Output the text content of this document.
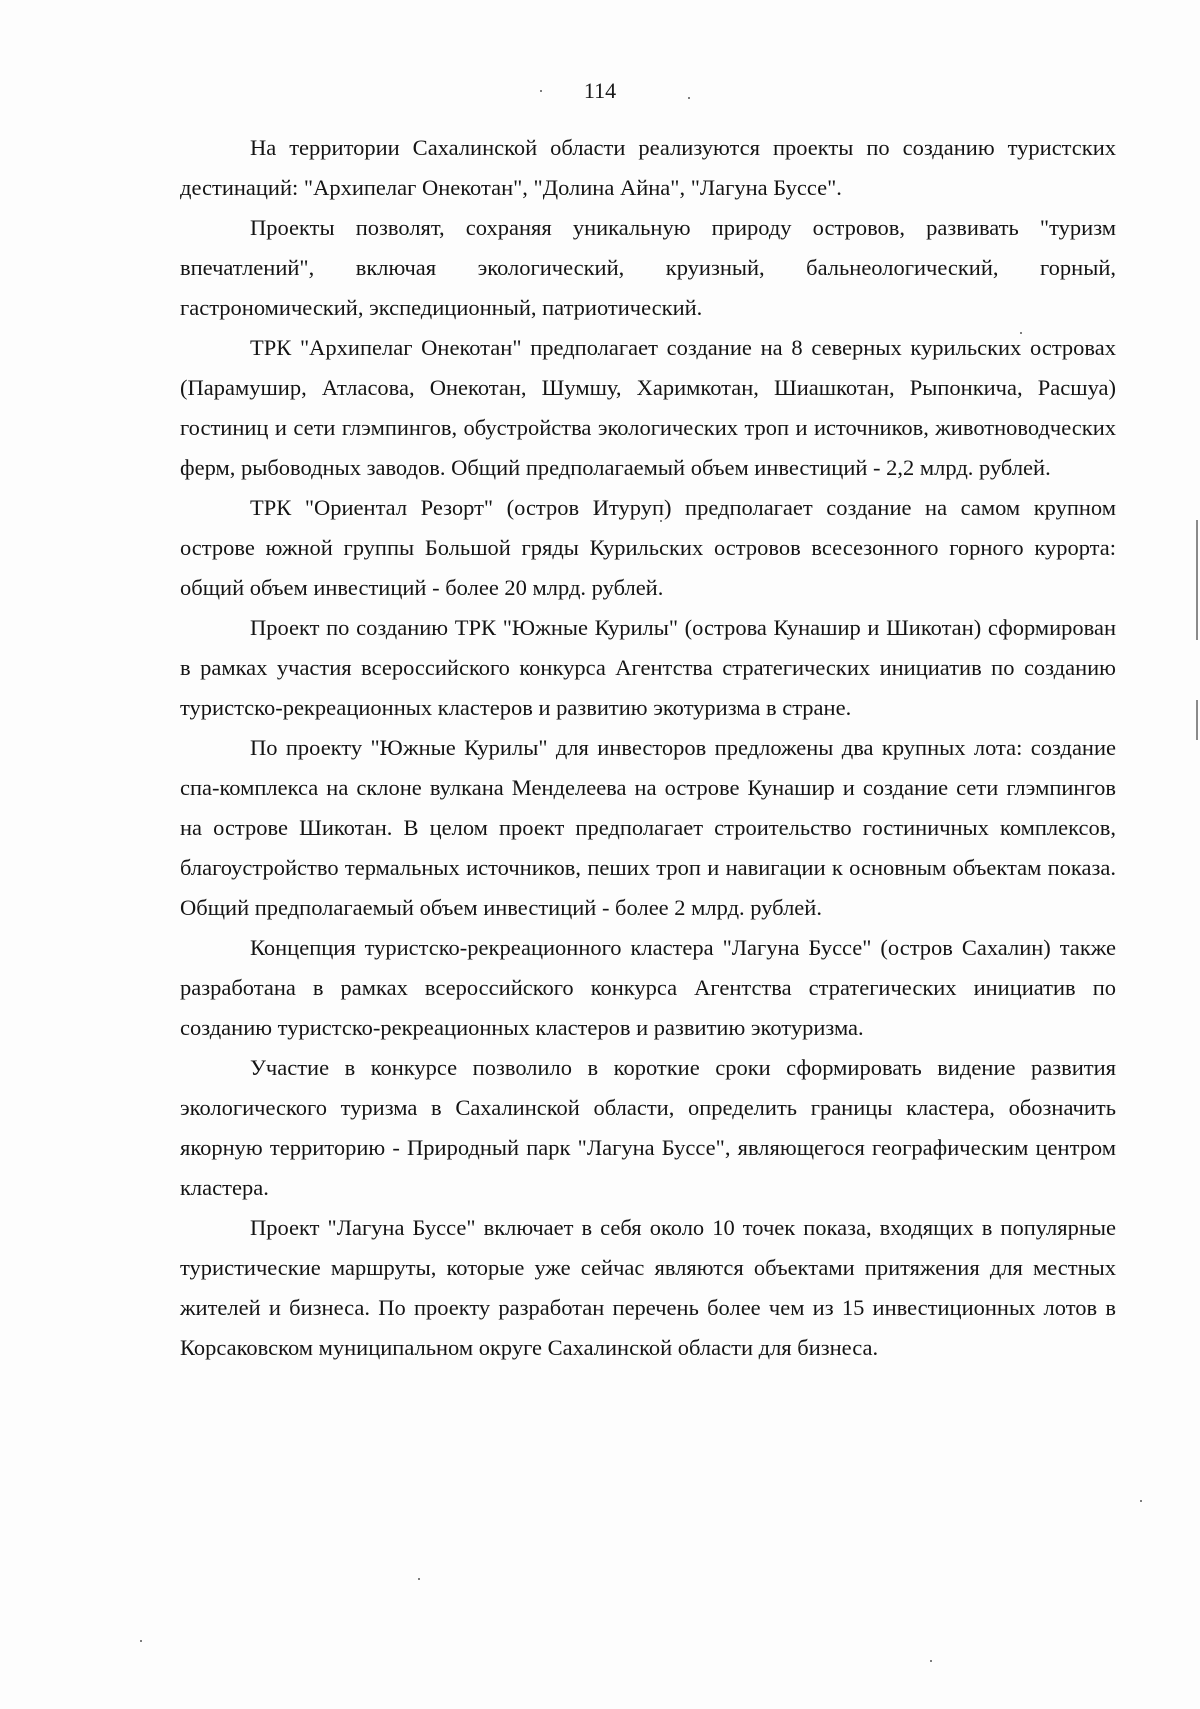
114

На территории Сахалинской области реализуются проекты по созданию туристских дестинаций: "Архипелаг Онекотан", "Долина Айна", "Лагуна Буссе".

Проекты позволят, сохраняя уникальную природу островов, развивать "туризм впечатлений", включая экологический, круизный, бальнеологический, горный, гастрономический, экспедиционный, патриотический.

ТРК "Архипелаг Онекотан" предполагает создание на 8 северных курильских островах (Парамушир, Атласова, Онекотан, Шумшу, Харимкотан, Шиашкотан, Рыпонкича, Расшуа) гостиниц и сети глэмпингов, обустройства экологических троп и источников, животноводческих ферм, рыбоводных заводов. Общий предполагаемый объем инвестиций - 2,2 млрд. рублей.

ТРК "Ориентал Резорт" (остров Итуруп) предполагает создание на самом крупном острове южной группы Большой гряды Курильских островов всесезонного горного курорта: общий объем инвестиций - более 20 млрд. рублей.

Проект по созданию ТРК "Южные Курилы" (острова Кунашир и Шикотан) сформирован в рамках участия всероссийского конкурса Агентства стратегических инициатив по созданию туристско-рекреационных кластеров и развитию экотуризма в стране.

По проекту "Южные Курилы" для инвесторов предложены два крупных лота: создание спа-комплекса на склоне вулкана Менделеева на острове Кунашир и создание сети глэмпингов на острове Шикотан. В целом проект предполагает строительство гостиничных комплексов, благоустройство термальных источников, пеших троп и навигации к основным объектам показа. Общий предполагаемый объем инвестиций - более 2 млрд. рублей.

Концепция туристско-рекреационного кластера "Лагуна Буссе" (остров Сахалин) также разработана в рамках всероссийского конкурса Агентства стратегических инициатив по созданию туристско-рекреационных кластеров и развитию экотуризма.

Участие в конкурсе позволило в короткие сроки сформировать видение развития экологического туризма в Сахалинской области, определить границы кластера, обозначить якорную территорию - Природный парк "Лагуна Буссе", являющегося географическим центром кластера.

Проект "Лагуна Буссе" включает в себя около 10 точек показа, входящих в популярные туристические маршруты, которые уже сейчас являются объектами притяжения для местных жителей и бизнеса. По проекту разработан перечень более чем из 15 инвестиционных лотов в Корсаковском муниципальном округе Сахалинской области для бизнеса.
